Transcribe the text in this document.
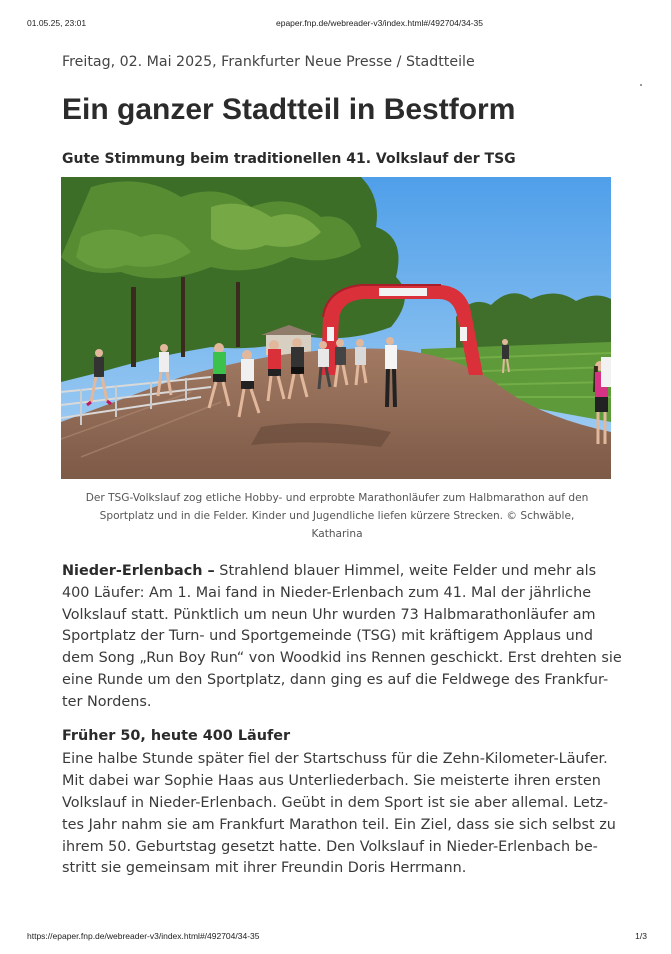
01.05.25, 23:01	epaper.fnp.de/webreader-v3/index.html#/492704/34-35
Freitag, 02. Mai 2025, Frankfurter Neue Presse / Stadtteile
Ein ganzer Stadtteil in Bestform
Gute Stimmung beim traditionellen 41. Volkslauf der TSG
Der TSG-Volkslauf zog etliche Hobby- und erprobte Marathonläufer zum Halbmarathon auf den
Sportplatz und in die Felder. Kinder und Jugendliche liefen kürzere Strecken. © Schwäble,
Katharina

Nieder-Erlenbach – Strahlend blauer Himmel, weite Felder und mehr als
400 Läufer: Am 1. Mai fand in Nieder-Erlenbach zum 41. Mal der jährliche
Volkslauf statt. Pünktlich um neun Uhr wurden 73 Halbmarathonläufer am
Sportplatz der Turn- und Sportgemeinde (TSG) mit kräftigem Applaus und
dem Song „Run Boy Run“ von Woodkid ins Rennen geschickt. Erst drehten sie
eine Runde um den Sportplatz, dann ging es auf die Feldwege des Frankfur-
ter Nordens.

Früher 50, heute 400 Läufer

Eine halbe Stunde später fiel der Startschuss für die Zehn-Kilometer-Läufer.
Mit dabei war Sophie Haas aus Unterliederbach. Sie meisterte ihren ersten
Volkslauf in Nieder-Erlenbach. Geübt in dem Sport ist sie aber allemal. Letz-
tes Jahr nahm sie am Frankfurt Marathon teil. Ein Ziel, dass sie sich selbst zu
ihrem 50. Geburtstag gesetzt hatte. Den Volkslauf in Nieder-Erlenbach be-
stritt sie gemeinsam mit ihrer Freundin Doris Herrmann.

https://epaper.fnp.de/webreader-v3/index.html#/492704/34-35	1/3
